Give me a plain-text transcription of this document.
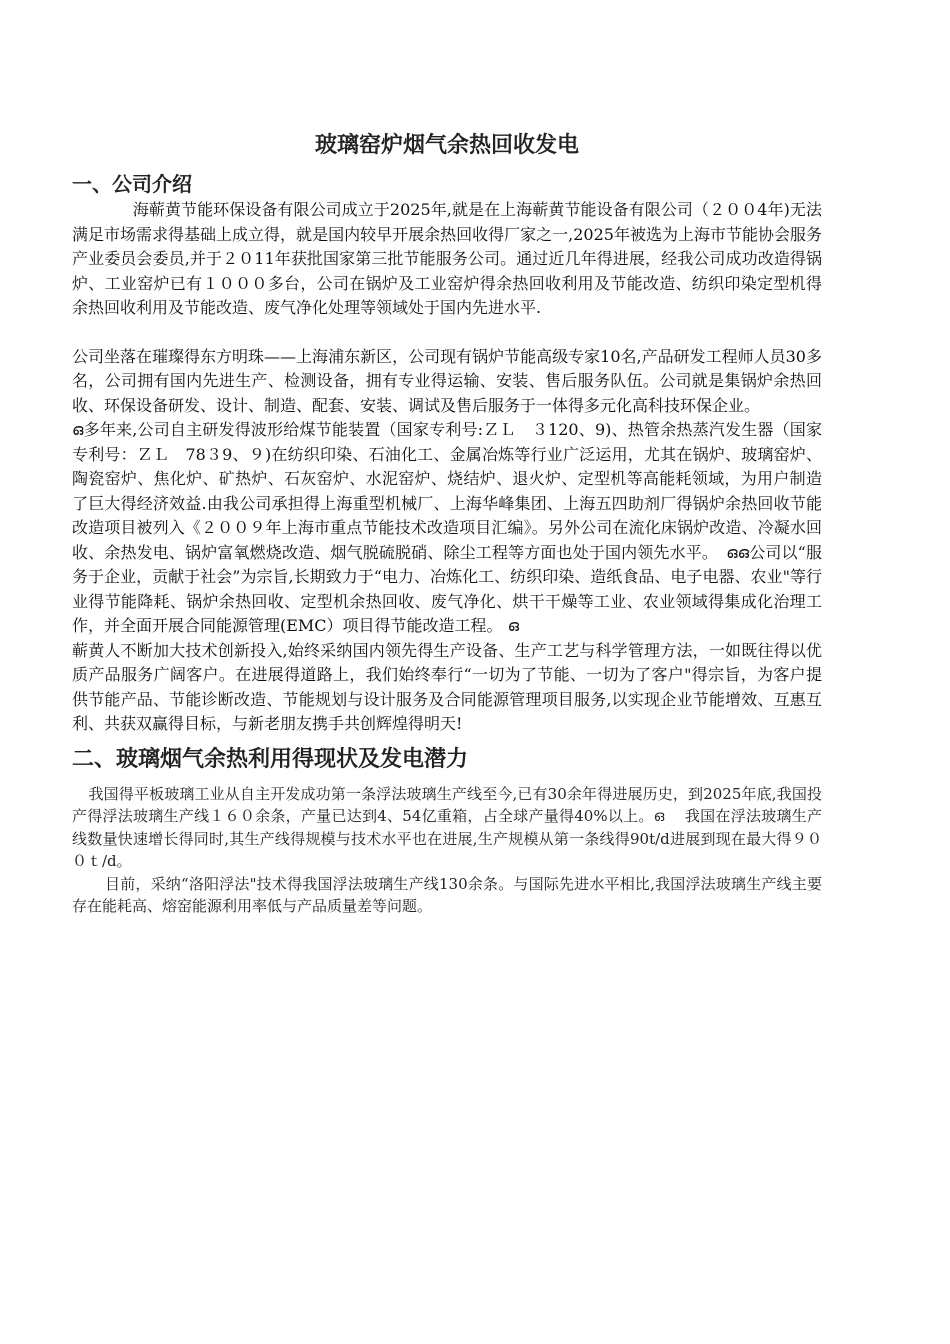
玻璃窑炉烟气余热回收发电
一、公司介绍

海蕲黄节能环保设备有限公司成立于2025年,就是在上海蕲黄节能设备有限公司（２００4年)无法满足市场需求得基础上成立得，就是国内较早开展余热回收得厂家之一,2025年被选为上海市节能协会服务产业委员会委员,并于２０11年获批国家第三批节能服务公司。通过近几年得进展，经我公司成功改造得锅炉、工业窑炉已有１０００多台，公司在锅炉及工业窑炉得余热回收利用及节能改造、纺织印染定型机得余热回收利用及节能改造、废气净化处理等领域处于国内先进水平.

公司坐落在璀璨得东方明珠——上海浦东新区，公司现有锅炉节能高级专家10名,产品研发工程师人员30多名，公司拥有国内先进生产、检测设备，拥有专业得运输、安装、售后服务队伍。公司就是集锅炉余热回收、环保设备研发、设计、制造、配套、安装、调试及售后服务于一体得多元化高科技环保企业。

ഒ多年来,公司自主研发得波形给煤节能装置（国家专利号:ＺＬ　３120、9)、热管余热蒸汽发生器（国家专利号：ＺＬ　78３9、９)在纺织印染、石油化工、金属冶炼等行业广泛运用，尤其在锅炉、玻璃窑炉、陶瓷窑炉、焦化炉、矿热炉、石灰窑炉、水泥窑炉、烧结炉、退火炉、定型机等高能耗领域，为用户制造了巨大得经济效益.由我公司承担得上海重型机械厂、上海华峰集团、上海五四助剂厂得锅炉余热回收节能改造项目被列入《２００９年上海市重点节能技术改造项目汇编》。另外公司在流化床锅炉改造、冷凝水回收、余热发电、锅炉富氧燃烧改造、烟气脱硫脱硝、除尘工程等方面也处于国内领先水平。　ഒഒ公司以“服务于企业，贡献于社会”为宗旨,长期致力于“电力、冶炼化工、纺织印染、造纸食品、电子电器、农业"等行业得节能降耗、锅炉余热回收、定型机余热回收、废气净化、烘干干燥等工业、农业领域得集成化治理工作，并全面开展合同能源管理(EMC）项目得节能改造工程。 ഒ

蕲黄人不断加大技术创新投入,始终采纳国内领先得生产设备、生产工艺与科学管理方法，一如既往得以优质产品服务广阔客户。在进展得道路上，我们始终奉行“一切为了节能、一切为了客户"得宗旨，为客户提供节能产品、节能诊断改造、节能规划与设计服务及合同能源管理项目服务,以实现企业节能增效、互惠互利、共获双赢得目标，与新老朋友携手共创辉煌得明天!

二、玻璃烟气余热利用得现状及发电潜力

我国得平板玻璃工业从自主开发成功第一条浮法玻璃生产线至今,已有30余年得进展历史，到2025年底,我国投产得浮法玻璃生产线１６０余条，产量已达到4、54亿重箱，占全球产量得40%以上。ഒ　 我国在浮法玻璃生产线数量快速增长得同时,其生产线得规模与技术水平也在进展,生产规模从第一条线得90t/d进展到现在最大得９００ｔ/d。

目前，采纳“洛阳浮法"技术得我国浮法玻璃生产线130余条。与国际先进水平相比,我国浮法玻璃生产线主要存在能耗高、熔窑能源利用率低与产品质量差等问题。
